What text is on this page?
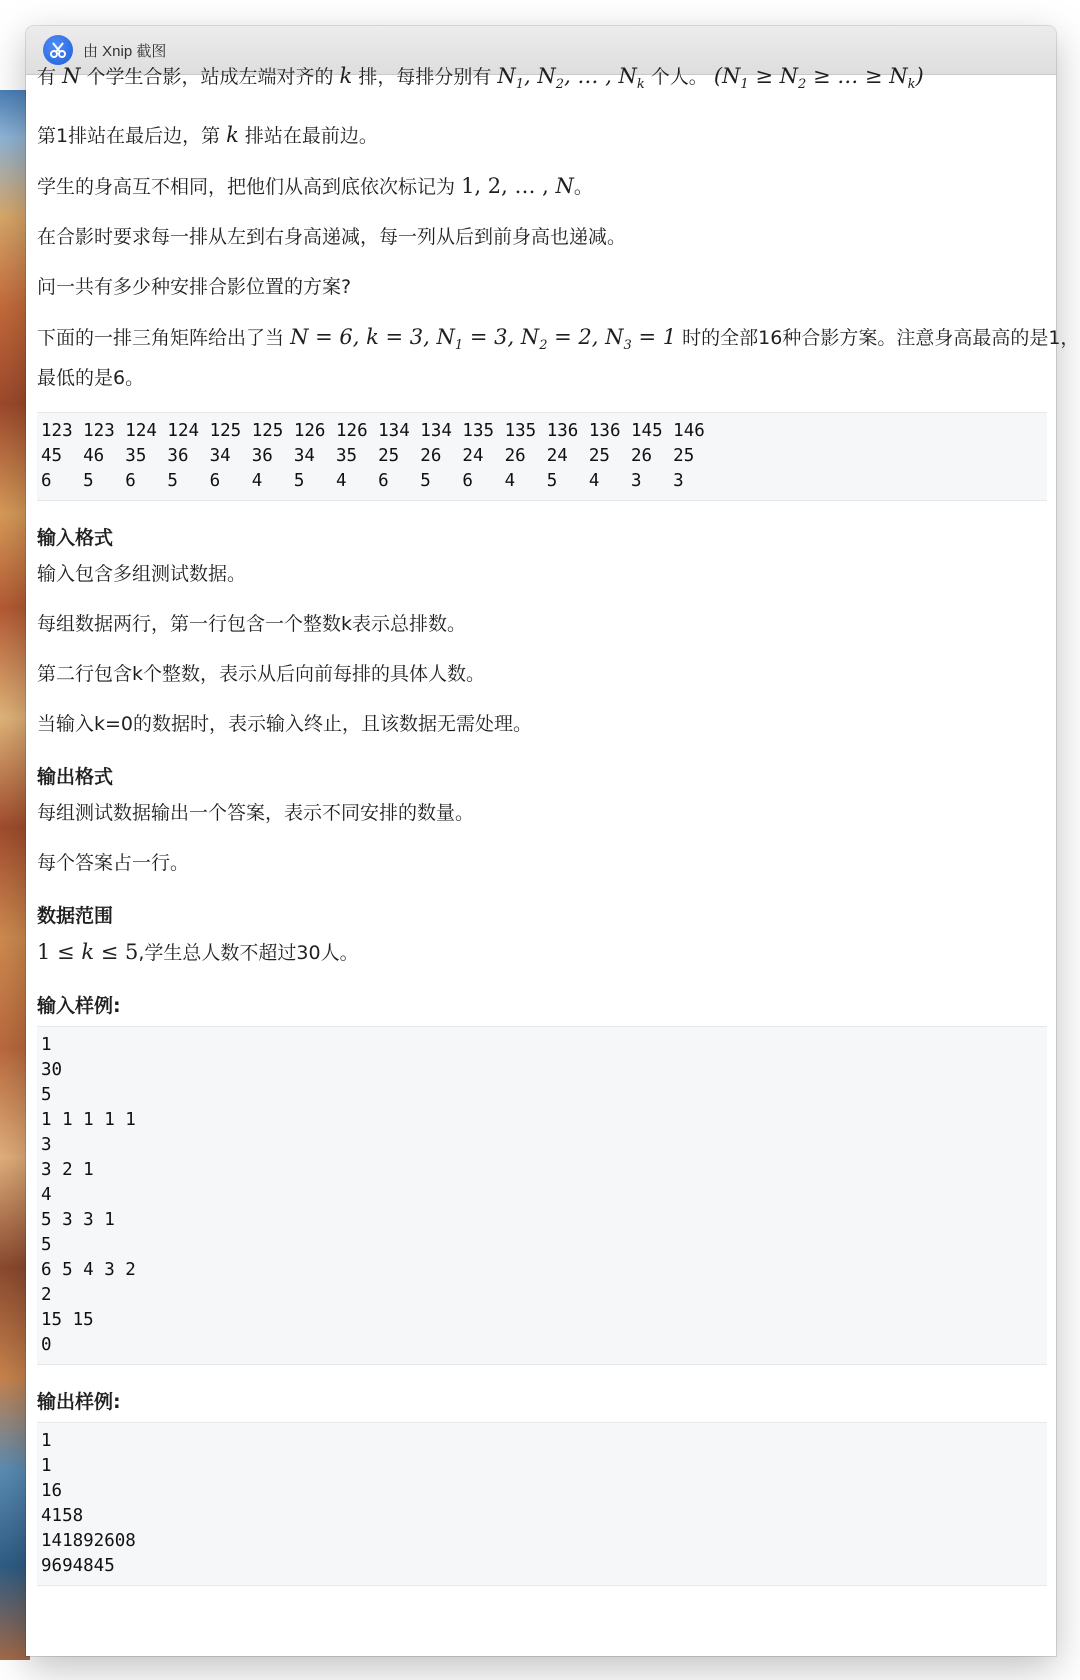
由 Xnip 截图
有 N 个学生合影，站成左端对齐的 k 排，每排分别有 $N_1$, $N_2$, … , $N_k$ 个人。 ($N_1 \ge N_2$ ≥ … ≥ $N_k$)
第1排站在最后边，第 k 排站在最前边。
学生的身高互不相同，把他们从高到底依次标记为 1, 2, … , N。
在合影时要求每一排从左到右身高递减，每一列从后到前身高也递减。
问一共有多少种安排合影位置的方案?
下面的一排三角矩阵给出了当 N = 6, k = 3, $N_1 = 3$, $N_2 = 2$, $N_3 = 1$ 时的全部16种合影方案。注意身高最高的是1，最低的是6。
123 123 124 124 125 125 126 126 134 134 135 135 136 136 145 146
45  46  35  36  34  36  34  35  25  26  24  26  24  25  26  25
6   5   6   5   6   4   5   4   6   5   6   4   5   4   3   3
输入格式
输入包含多组测试数据。
每组数据两行，第一行包含一个整数k表示总排数。
第二行包含k个整数，表示从后向前每排的具体人数。
当输入k=0的数据时，表示输入终止，且该数据无需处理。
输出格式
每组测试数据输出一个答案，表示不同安排的数量。
每个答案占一行。
数据范围
1 ≤ k ≤ 5,学生总人数不超过30人。
输入样例:
1
30
5
1 1 1 1 1
3
3 2 1
4
5 3 3 1
5
6 5 4 3 2
2
15 15
0
输出样例:
1
1
16
4158
141892608
9694845
